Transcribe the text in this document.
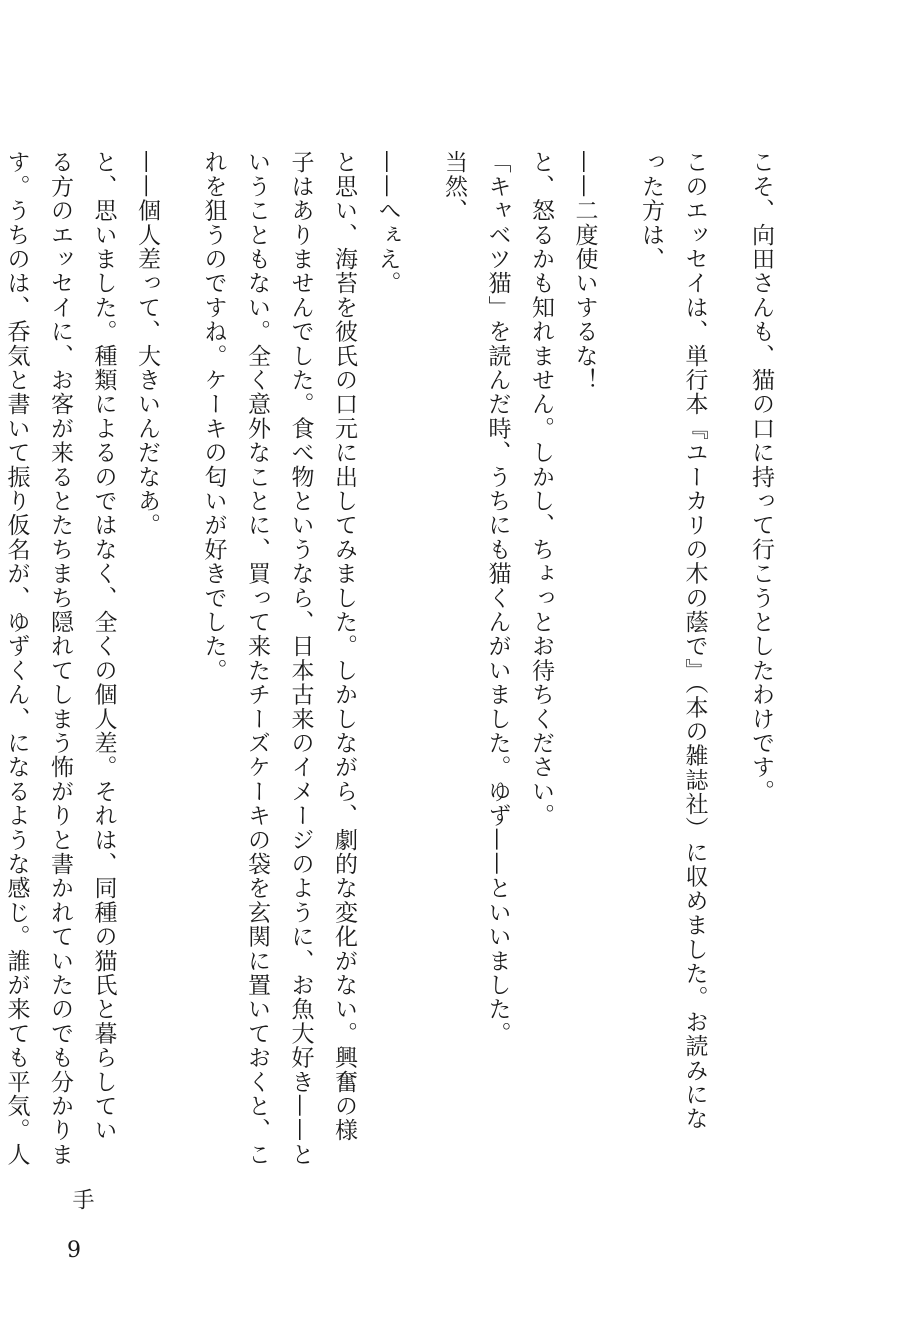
こそ、向田さんも、猫の口に持って行こうとしたわけです。
このエッセイは、単行本『ユーカリの木の蔭で』（本の雑誌社）に収めました。お読みにな
った方は、
——二度使いするな！
と、怒るかも知れません。しかし、ちょっとお待ちください。
「キャベツ猫」を読んだ時、うちにも猫くんがいました。ゆず——といいました。
当然、
——へぇえ。
と思い、海苔を彼氏の口元に出してみました。しかしながら、劇的な変化がない。興奮の様
子はありませんでした。食べ物というなら、日本古来のイメージのように、お魚大好き——と
いうこともない。全く意外なことに、買って来たチーズケーキの袋を玄関に置いておくと、こ
れを狙うのですね。ケーキの匂いが好きでした。
——個人差って、大きいんだなあ。
と、思いました。種類によるのではなく、全くの個人差。それは、同種の猫氏と暮らしてい
る方のエッセイに、お客が来るとたちまち隠れてしまう怖がりと書かれていたのでも分かりま
す。うちのは、呑気と書いて振り仮名が、ゆずくん、になるような感じ。誰が来ても平気。人
手
9
